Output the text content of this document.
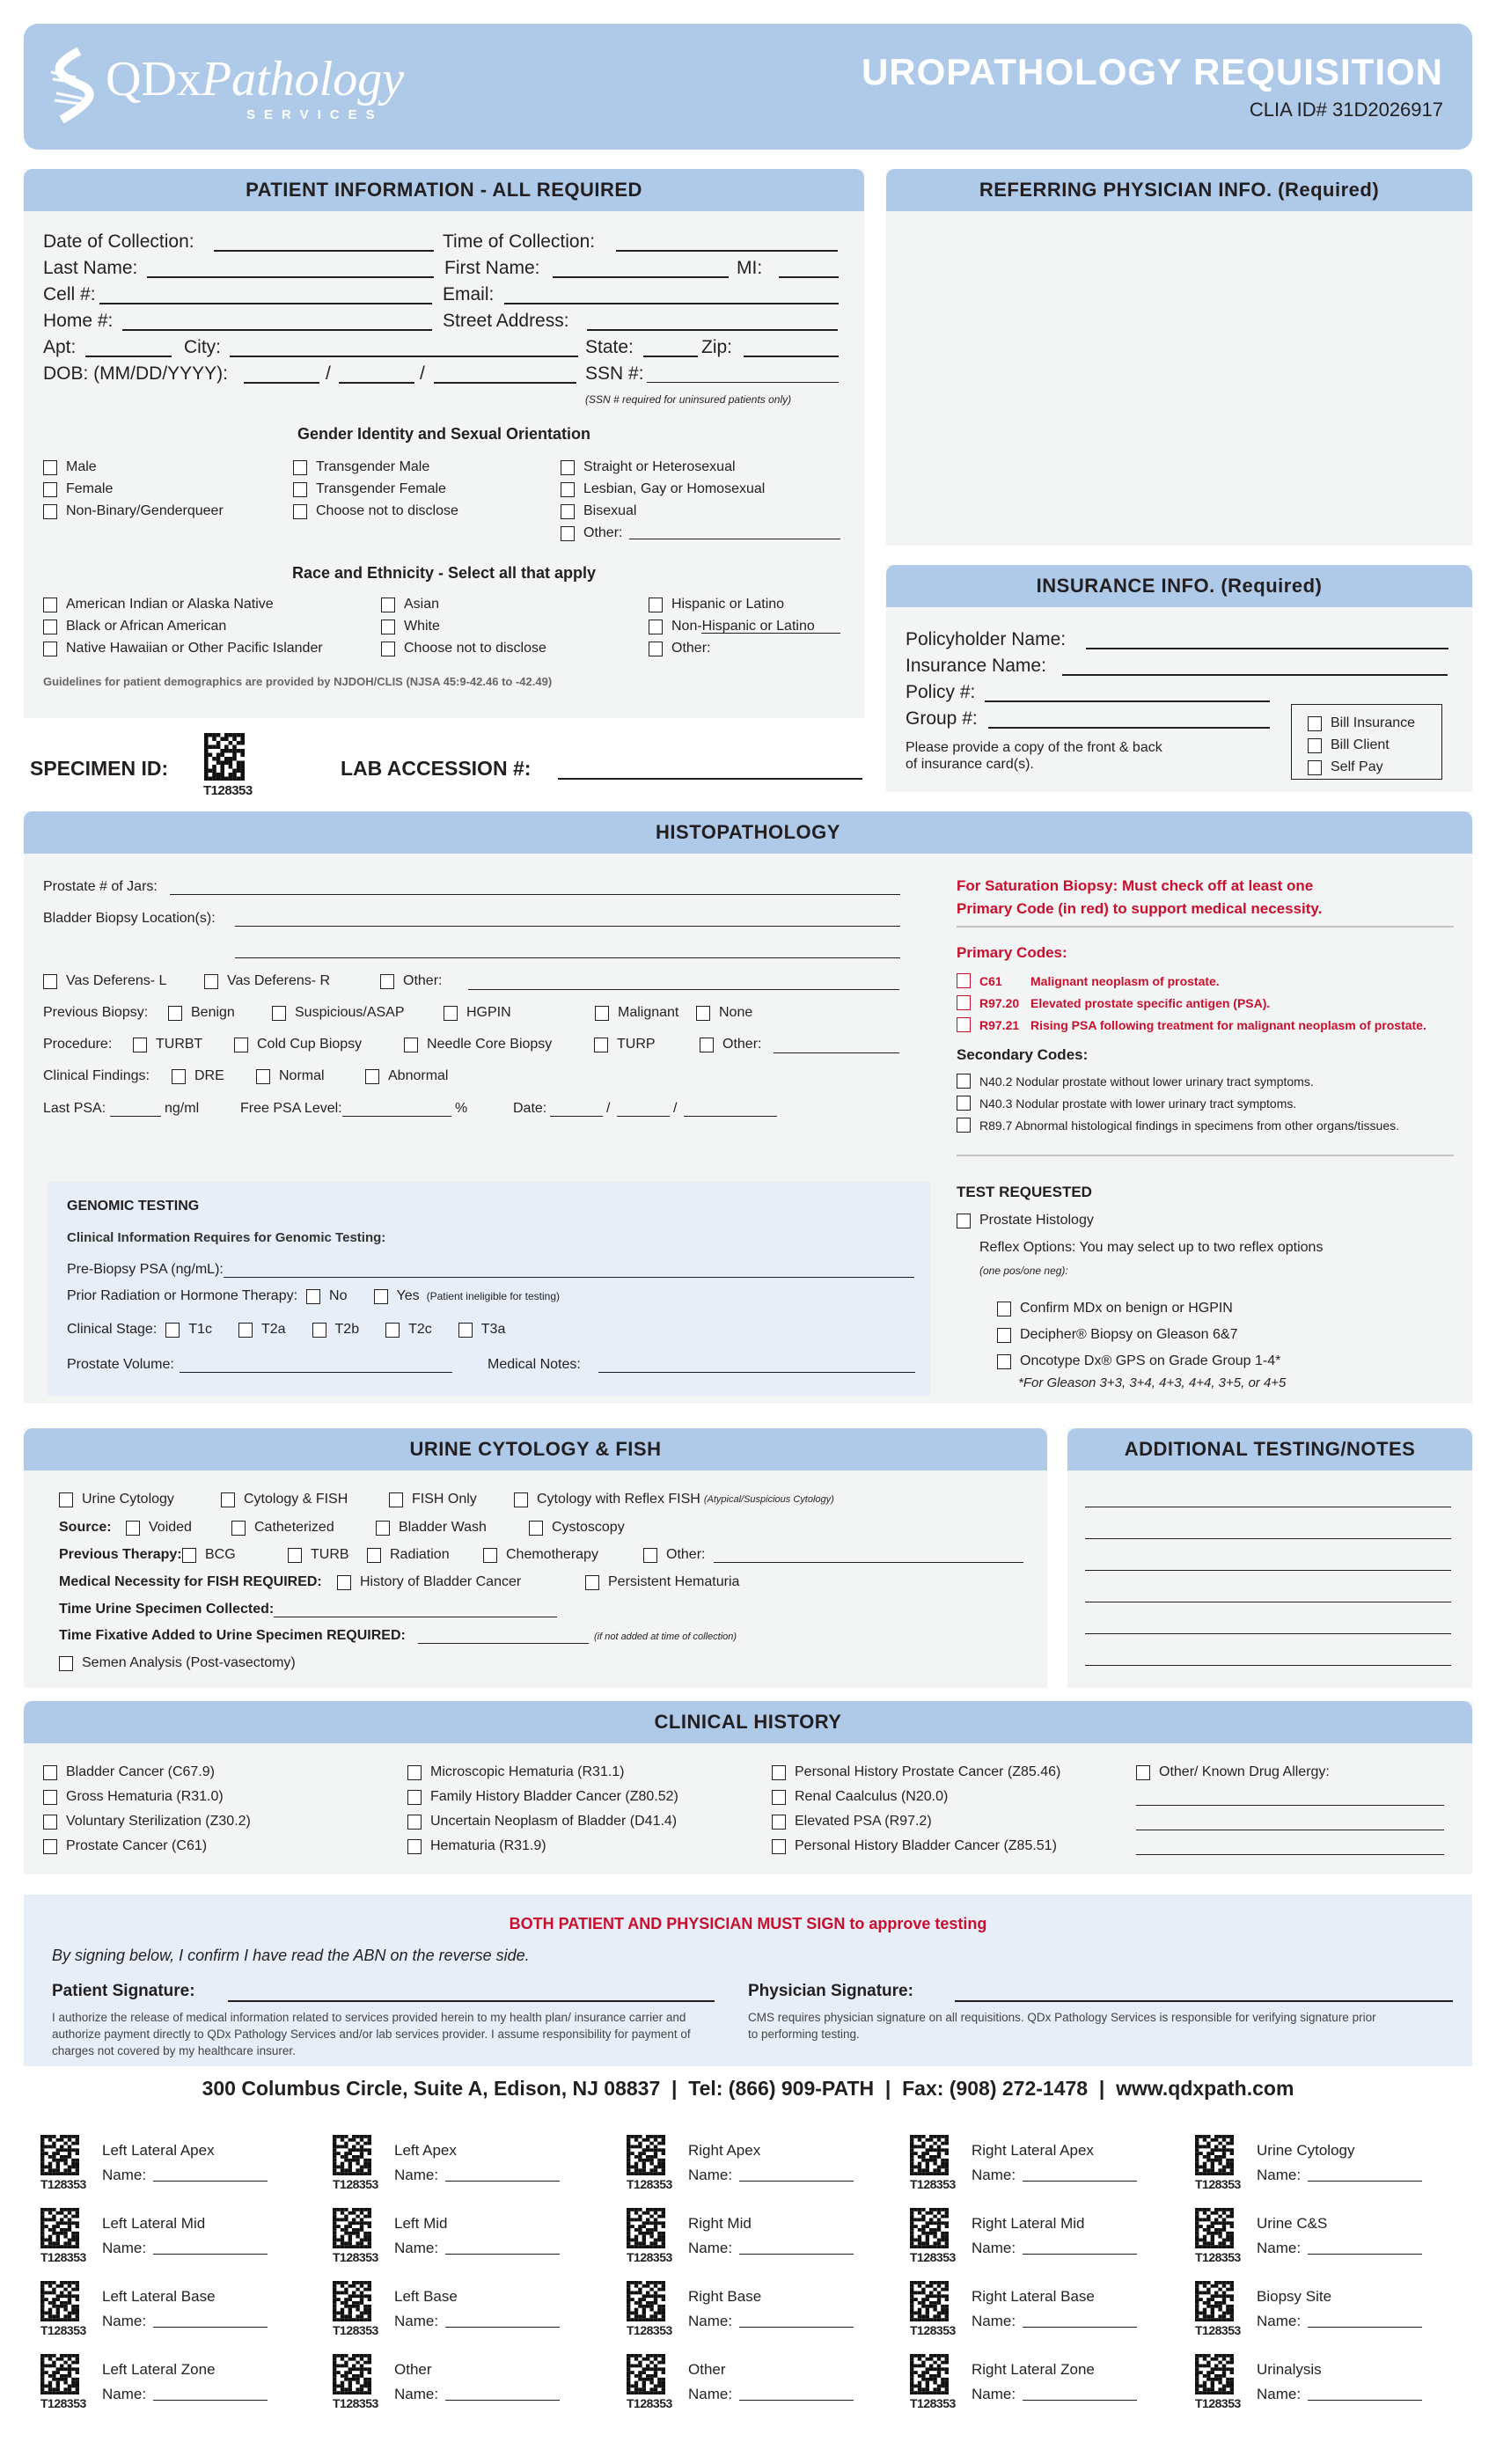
QDxPathology
SERVICES
UROPATHOLOGY REQUISITION
CLIA ID# 31D2026917
PATIENT INFORMATION - ALL REQUIRED
Date of Collection:	Time of Collection:
Last Name:	First Name:	MI:
Cell #:	Email:
Home #:	Street Address:
Apt:	City:	State:	Zip:
DOB: (MM/DD/YYYY):	/	/	SSN #:
(SSN # required for uninsured patients only)
Gender Identity and Sexual Orientation
Male
Female
Non-Binary/Genderqueer
Transgender Male
Transgender Female
Choose not to disclose
Straight or Heterosexual
Lesbian, Gay or Homosexual
Bisexual
Other:
Race and Ethnicity - Select all that apply
American Indian or Alaska Native
Black or African American
Native Hawaiian or Other Pacific Islander
Asian
White
Choose not to disclose
Hispanic or Latino
Non-Hispanic or Latino
Other:
Guidelines for patient demographics are provided by NJDOH/CLIS (NJSA 45:9-42.46 to -42.49)
REFERRING PHYSICIAN INFO. (Required)
INSURANCE INFO. (Required)
Policyholder Name:
Insurance Name:
Policy #:
Group #:
Please provide a copy of the front & back
of insurance card(s).
Bill Insurance
Bill Client
Self Pay
SPECIMEN ID:
T128353
LAB ACCESSION #:
HISTOPATHOLOGY
Prostate # of Jars:
Bladder Biopsy Location(s):
Vas Deferens- L	Vas Deferens- R	Other:
Previous Biopsy:	Benign	Suspicious/ASAP	HGPIN	Malignant	None
Procedure:	TURBT	Cold Cup Biopsy	Needle Core Biopsy	TURP	Other:
Clinical Findings:	DRE	Normal	Abnormal
Last PSA:	ng/ml	Free PSA Level:	%	Date:	/	/
For Saturation Biopsy: Must check off at least one
Primary Code (in red) to support medical necessity.
Primary Codes:
C61	Malignant neoplasm of prostate.
R97.20 Elevated prostate specific antigen (PSA).
R97.21 Rising PSA following treatment for malignant neoplasm of prostate.
Secondary Codes:
N40.2 Nodular prostate without lower urinary tract symptoms.
N40.3 Nodular prostate with lower urinary tract symptoms.
R89.7 Abnormal histological findings in specimens from other organs/tissues.
GENOMIC TESTING
Clinical Information Requires for Genomic Testing:
Pre-Biopsy PSA (ng/mL):
Prior Radiation or Hormone Therapy: No	Yes (Patient ineligible for testing)
Clinical Stage: T1c	T2a	T2b	T2c	T3a
Prostate Volume:	Medical Notes:
TEST REQUESTED
Prostate Histology
Reflex Options: You may select up to two reflex options
(one pos/one neg):
Confirm MDx on benign or HGPIN
Decipher® Biopsy on Gleason 6&7
Oncotype Dx® GPS on Grade Group 1-4*
*For Gleason 3+3, 3+4, 4+3, 4+4, 3+5, or 4+5
URINE CYTOLOGY & FISH
Urine Cytology	Cytology & FISH	FISH Only	Cytology with Reflex FISH (Atypical/Suspicious Cytology)
Source:	Voided	Catheterized	Bladder Wash	Cystoscopy
Previous Therapy: BCG	TURB	Radiation	Chemotherapy	Other:
Medical Necessity for FISH REQUIRED:	History of Bladder Cancer	Persistent Hematuria
Time Urine Specimen Collected:
Time Fixative Added to Urine Specimen REQUIRED:	(if not added at time of collection)
Semen Analysis (Post-vasectomy)
ADDITIONAL TESTING/NOTES
CLINICAL HISTORY
Bladder Cancer (C67.9)
Gross Hematuria (R31.0)
Voluntary Sterilization (Z30.2)
Prostate Cancer (C61)
Microscopic Hematuria (R31.1)
Family History Bladder Cancer (Z80.52)
Uncertain Neoplasm of Bladder (D41.4)
Hematuria (R31.9)
Personal History Prostate Cancer (Z85.46)
Renal Caalculus (N20.0)
Elevated PSA (R97.2)
Personal History Bladder Cancer (Z85.51)
Other/ Known Drug Allergy:
BOTH PATIENT AND PHYSICIAN MUST SIGN to approve testing
By signing below, I confirm I have read the ABN on the reverse side.
Patient Signature:	Physician Signature:
I authorize the release of medical information related to services provided herein to my health plan/ insurance carrier and authorize payment directly to QDx Pathology Services and/or lab services provider. I assume responsibility for payment of charges not covered by my healthcare insurer.
CMS requires physician signature on all requisitions. QDx Pathology Services is responsible for verifying signature prior to performing testing.
300 Columbus Circle, Suite A, Edison, NJ 08837  |  Tel: (866) 909-PATH  |  Fax: (908) 272-1478  |  www.qdxpath.com
T128353
Left Lateral Apex
Name:
T128353
Left Lateral Mid
Name:
T128353
Left Lateral Base
Name:
T128353
Left Lateral Zone
Name:
T128353
Left Apex
Name:
T128353
Left Mid
Name:
T128353
Left Base
Name:
T128353
Other
Name:
T128353
Right Apex
Name:
T128353
Right Mid
Name:
T128353
Right Base
Name:
T128353
Other
Name:
T128353
Right Lateral Apex
Name:
T128353
Right Lateral Mid
Name:
T128353
Right Lateral Base
Name:
T128353
Right Lateral Zone
Name:
T128353
Urine Cytology
Name:
T128353
Urine C&S
Name:
T128353
Biopsy Site
Name:
T128353
Urinalysis
Name:
